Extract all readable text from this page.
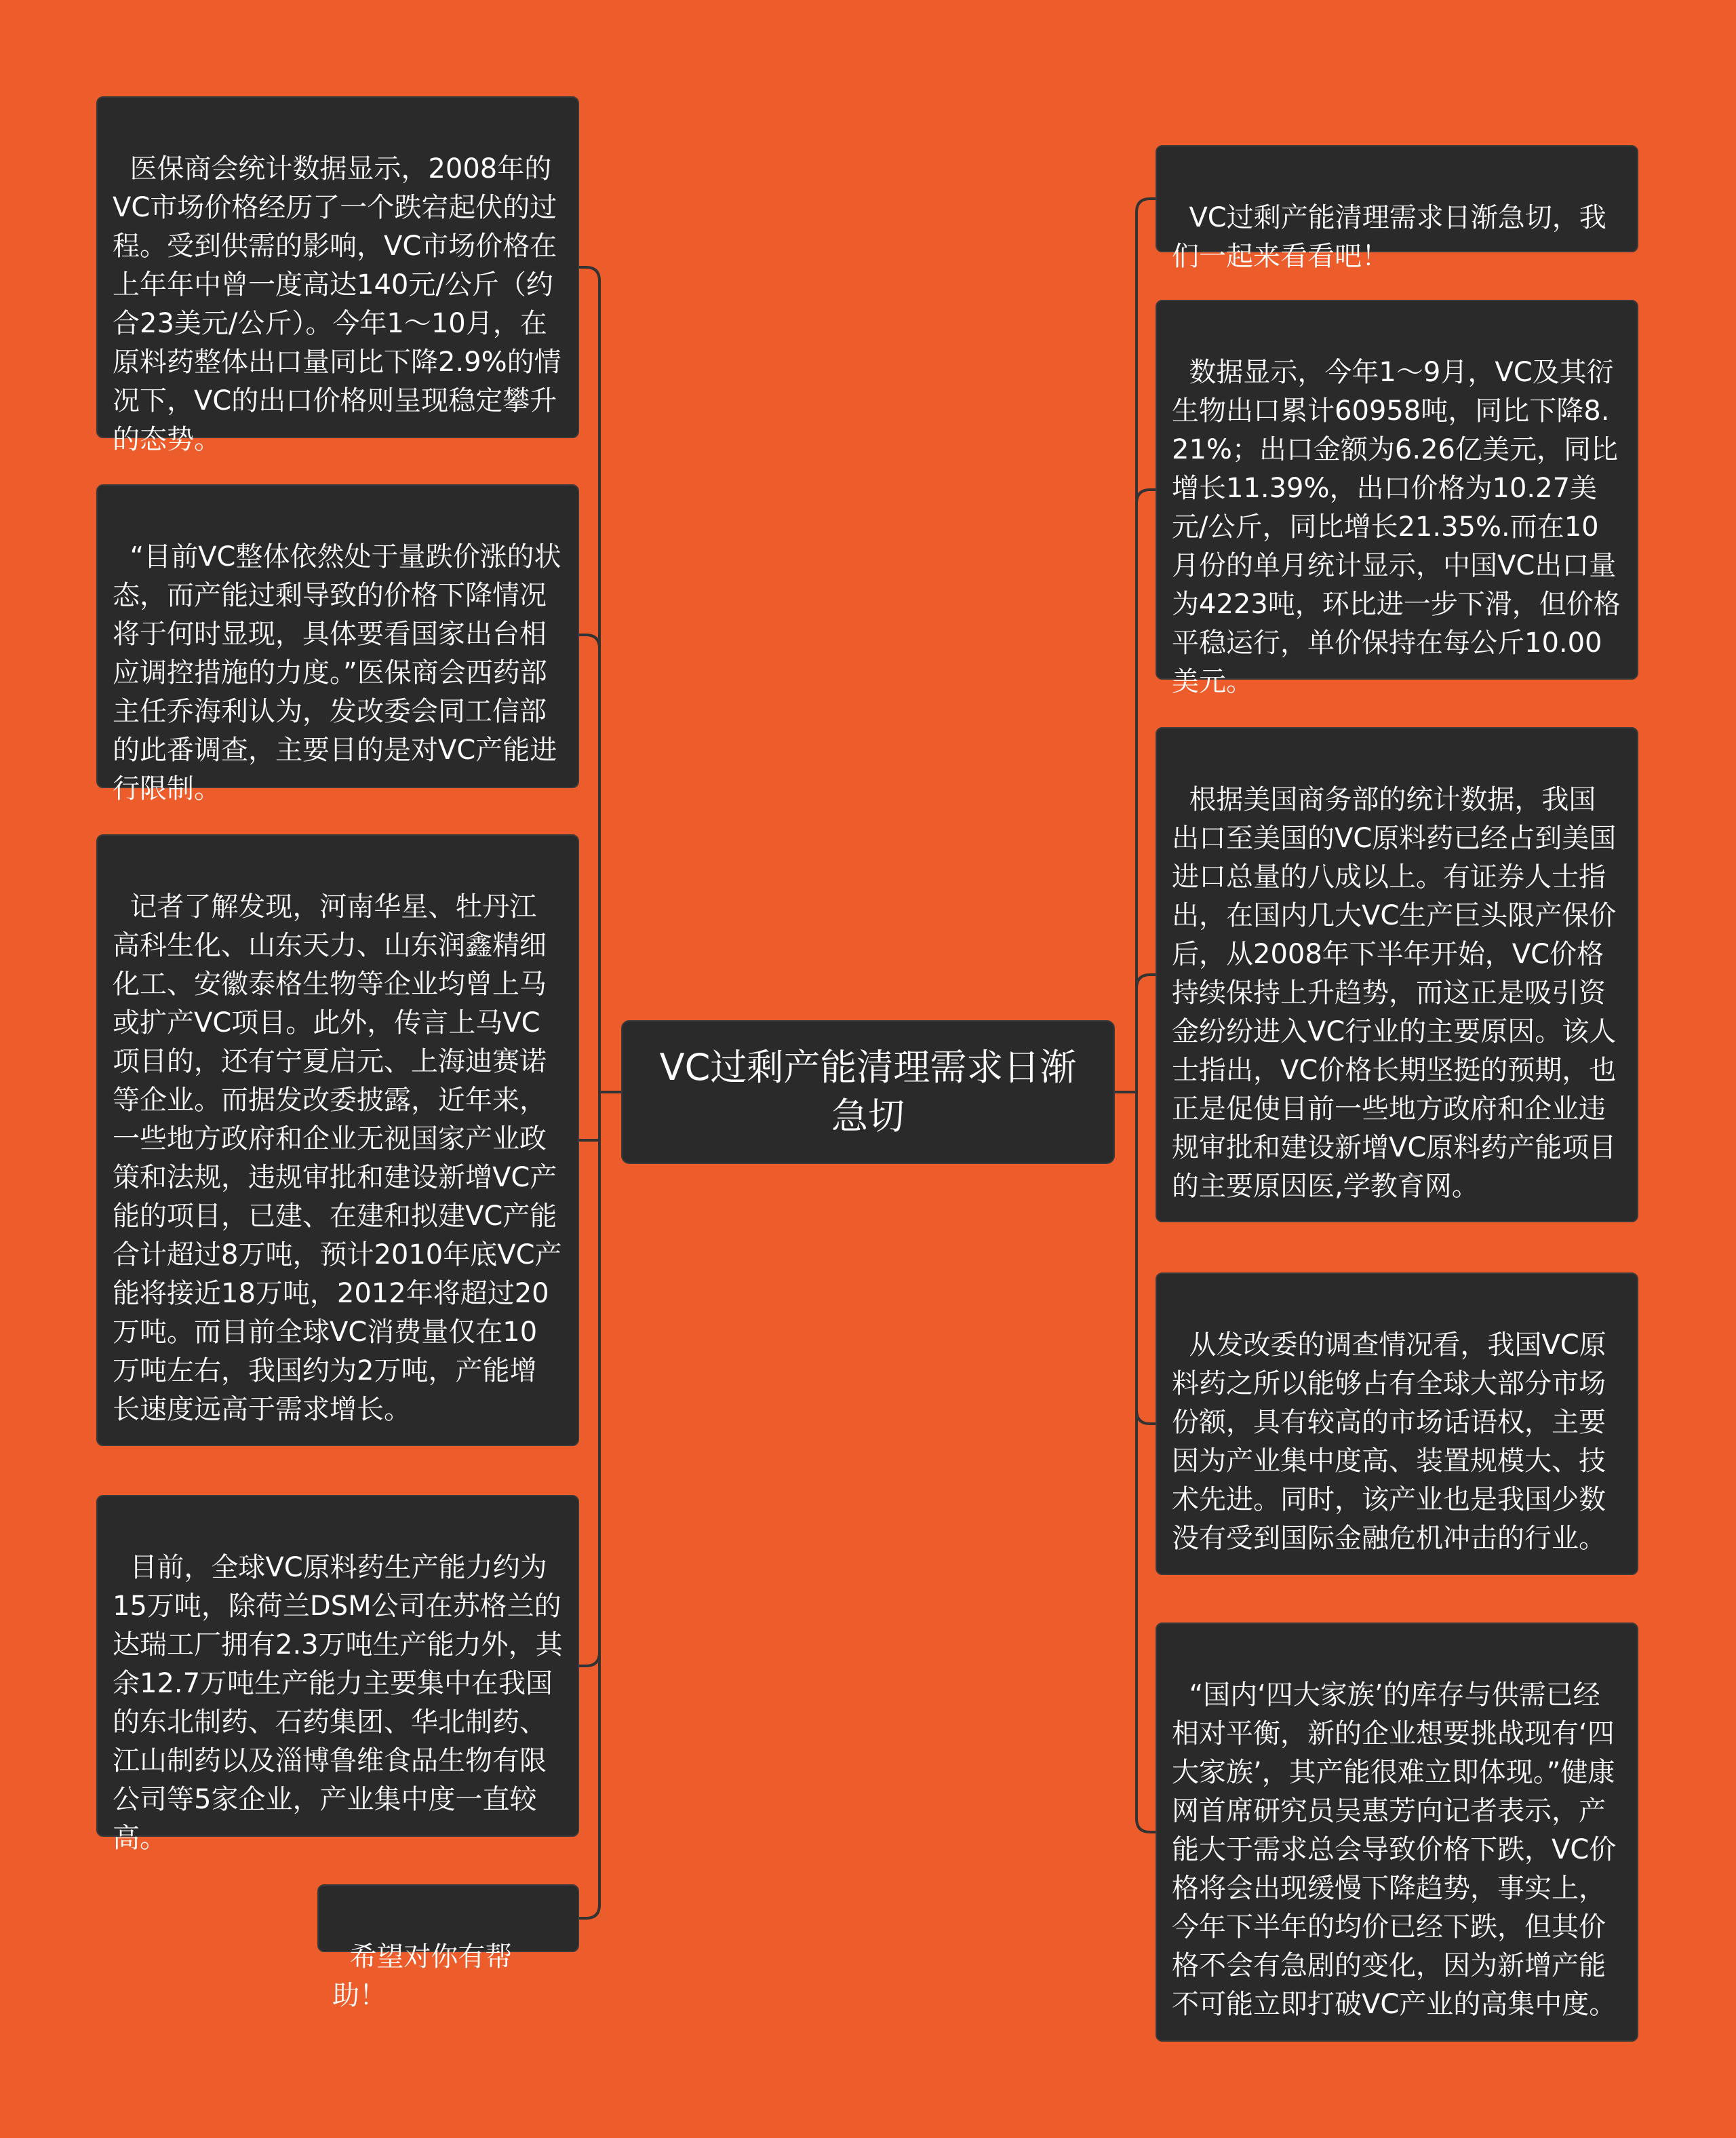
VC过剩产能清理需求日渐急切

医保商会统计数据显示，2008年的VC市场价格经历了一个跌宕起伏的过程。受到供需的影响，VC市场价格在上年年中曾一度高达140元/公斤（约合23美元/公斤）。今年1～10月，在原料药整体出口量同比下降2.9%的情况下，VC的出口价格则呈现稳定攀升的态势。

“目前VC整体依然处于量跌价涨的状态，而产能过剩导致的价格下降情况将于何时显现，具体要看国家出台相应调控措施的力度。”医保商会西药部主任乔海利认为，发改委会同工信部的此番调查，主要目的是对VC产能进行限制。

记者了解发现，河南华星、牡丹江高科生化、山东天力、山东润鑫精细化工、安徽泰格生物等企业均曾上马或扩产VC项目。此外，传言上马VC项目的，还有宁夏启元、上海迪赛诺等企业。而据发改委披露，近年来，一些地方政府和企业无视国家产业政策和法规，违规审批和建设新增VC产能的项目，已建、在建和拟建VC产能合计超过8万吨，预计2010年底VC产能将接近18万吨，2012年将超过20万吨。而目前全球VC消费量仅在10万吨左右，我国约为2万吨，产能增长速度远高于需求增长。

目前，全球VC原料药生产能力约为15万吨，除荷兰DSM公司在苏格兰的达瑞工厂拥有2.3万吨生产能力外，其余12.7万吨生产能力主要集中在我国的东北制药、石药集团、华北制药、江山制药以及淄博鲁维食品生物有限公司等5家企业，产业集中度一直较高。

希望对你有帮助！

VC过剩产能清理需求日渐急切，我们一起来看看吧！

数据显示，今年1～9月，VC及其衍生物出口累计60958吨，同比下降8.21%；出口金额为6.26亿美元，同比增长11.39%，出口价格为10.27美元/公斤，同比增长21.35%.而在10月份的单月统计显示，中国VC出口量为4223吨，环比进一步下滑，但价格平稳运行，单价保持在每公斤10.00美元。

根据美国商务部的统计数据，我国出口至美国的VC原料药已经占到美国进口总量的八成以上。有证券人士指出，在国内几大VC生产巨头限产保价后，从2008年下半年开始，VC价格持续保持上升趋势，而这正是吸引资金纷纷进入VC行业的主要原因。该人士指出，VC价格长期坚挺的预期，也正是促使目前一些地方政府和企业违规审批和建设新增VC原料药产能项目的主要原因医,学教育网。

从发改委的调查情况看，我国VC原料药之所以能够占有全球大部分市场份额，具有较高的市场话语权，主要因为产业集中度高、装置规模大、技术先进。同时，该产业也是我国少数没有受到国际金融危机冲击的行业。

“国内‘四大家族’的库存与供需已经相对平衡，新的企业想要挑战现有‘四大家族’，其产能很难立即体现。”健康网首席研究员吴惠芳向记者表示，产能大于需求总会导致价格下跌，VC价格将会出现缓慢下降趋势，事实上，今年下半年的均价已经下跌，但其价格不会有急剧的变化，因为新增产能不可能立即打破VC产业的高集中度。
